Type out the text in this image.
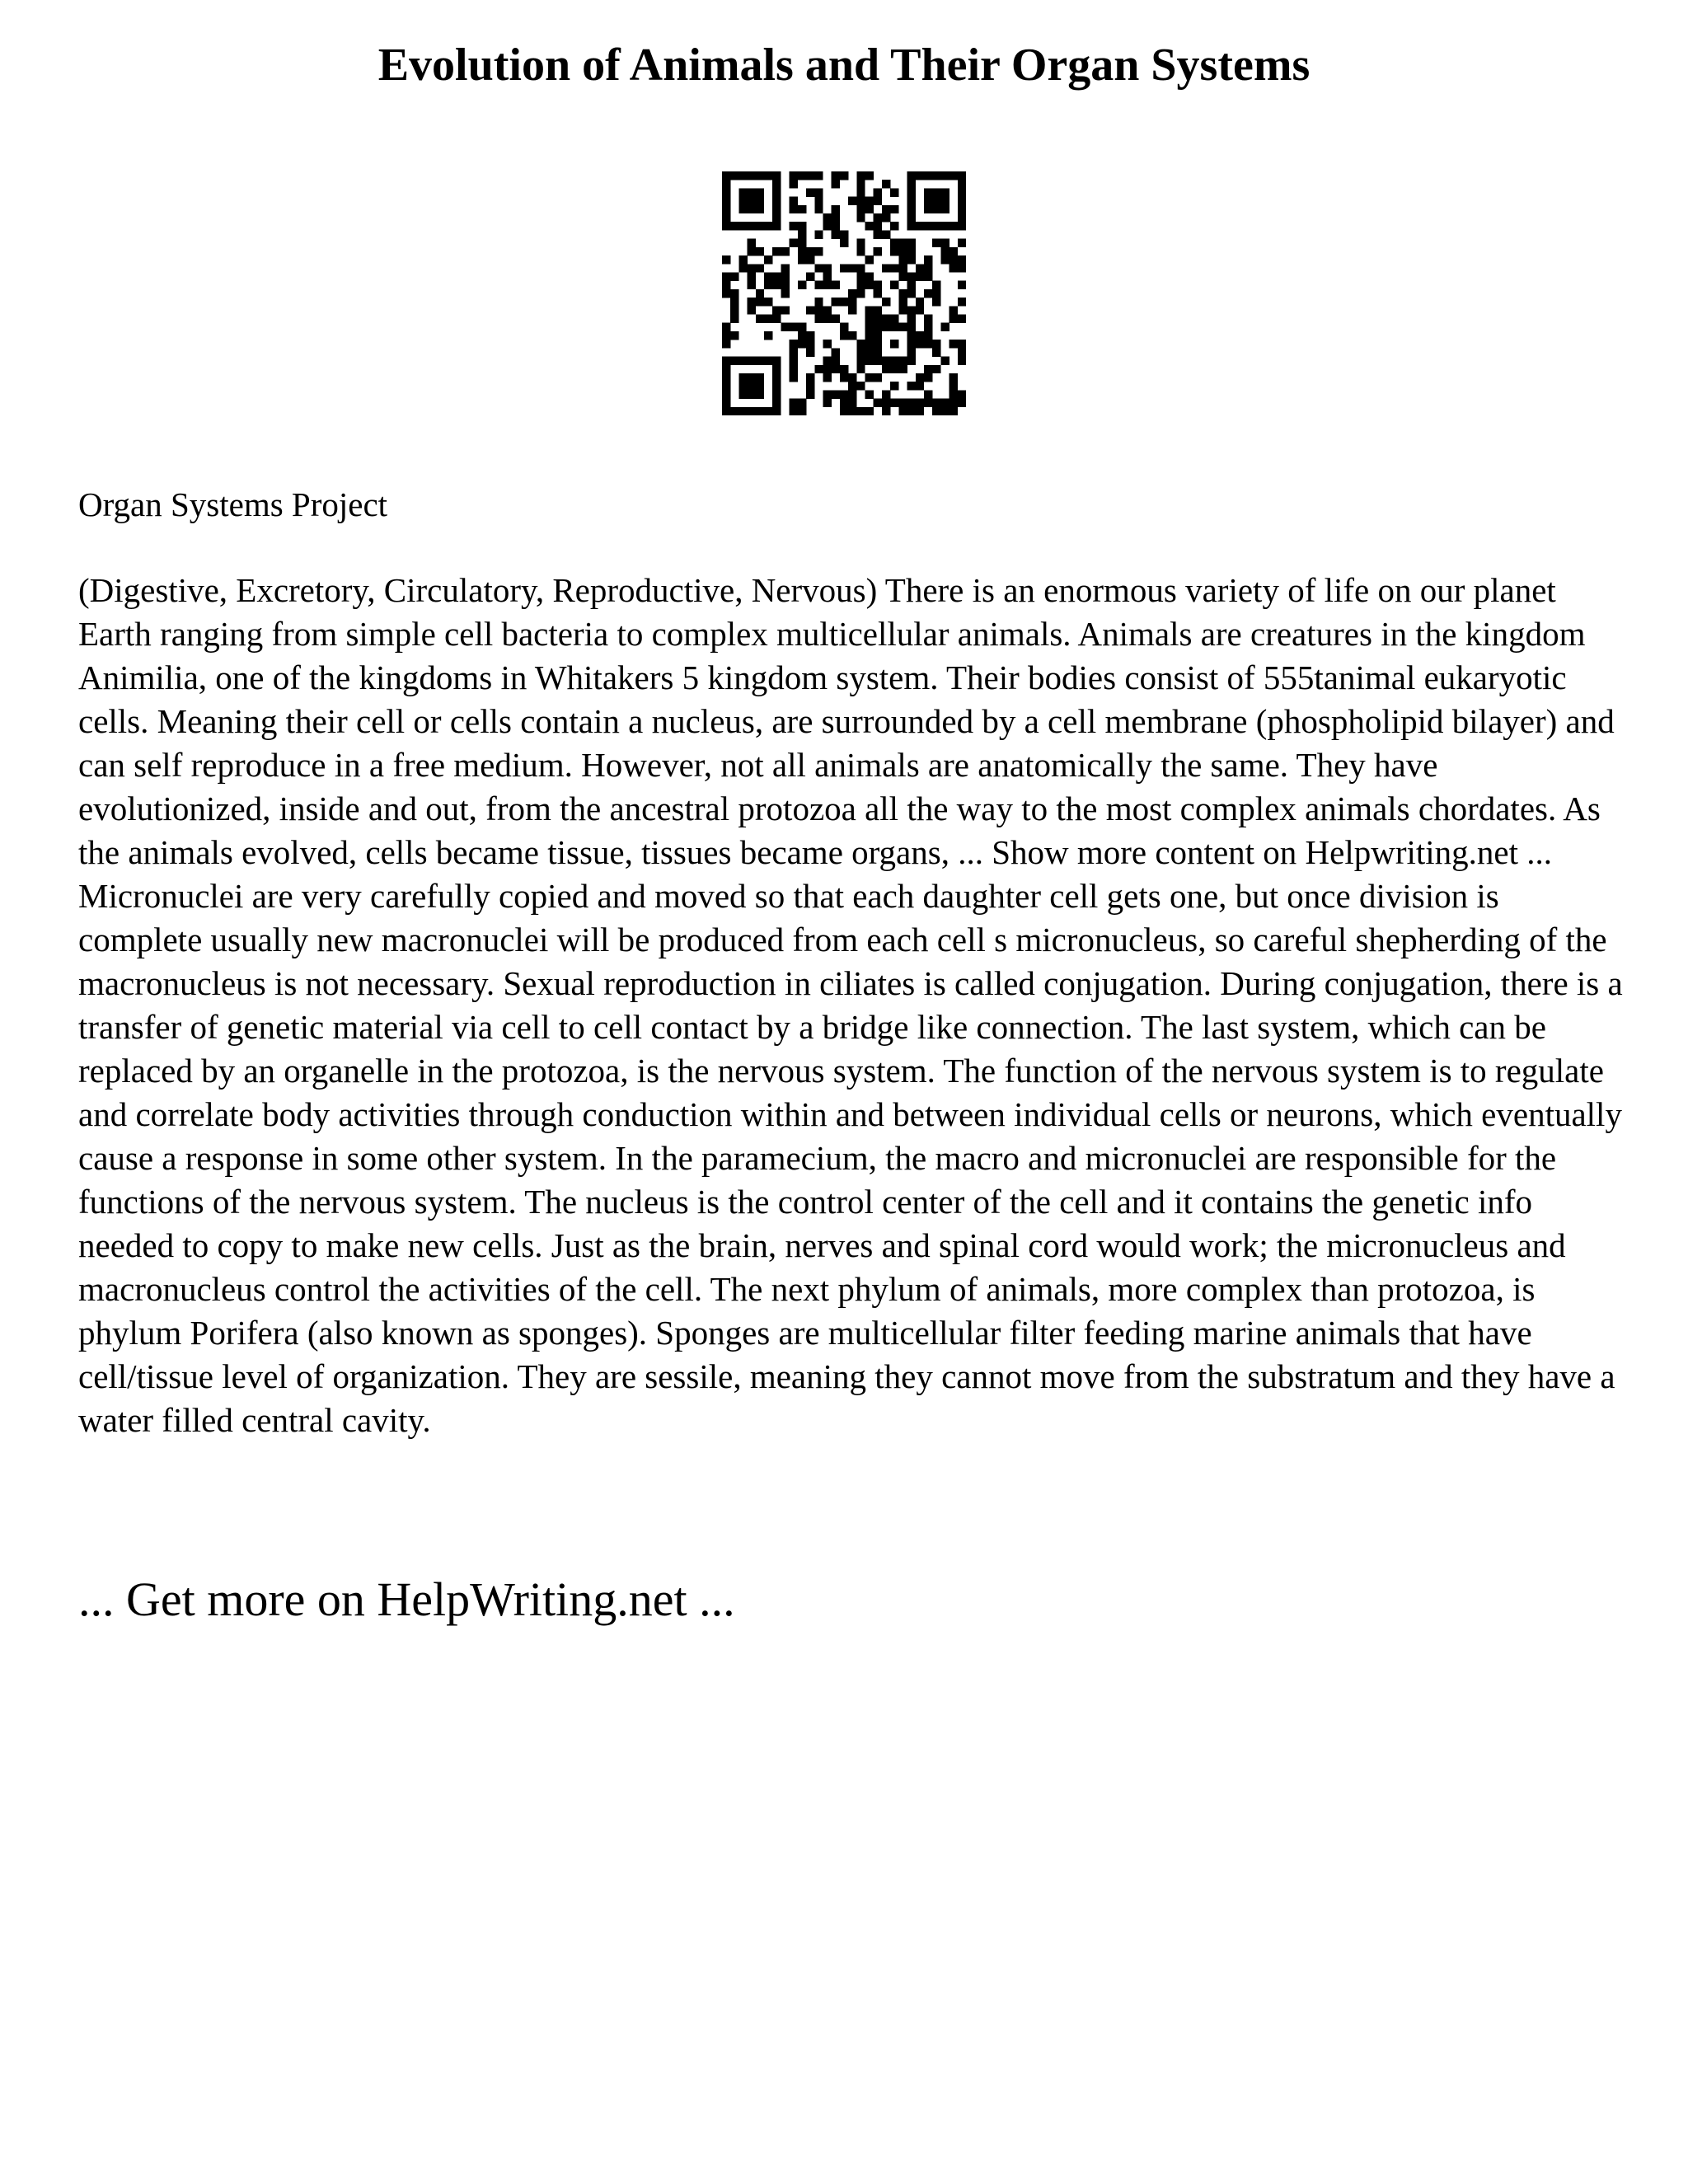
Evolution of Animals and Their Organ Systems
Organ Systems Project

(Digestive, Excretory, Circulatory, Reproductive, Nervous) There is an enormous variety of life on our planet Earth ranging from simple cell bacteria to complex multicellular animals. Animals are creatures in the kingdom Animilia, one of the kingdoms in Whitakers 5 kingdom system. Their bodies consist of 555tanimal eukaryotic cells. Meaning their cell or cells contain a nucleus, are surrounded by a cell membrane (phospholipid bilayer) and can self reproduce in a free medium. However, not all animals are anatomically the same. They have evolutionized, inside and out, from the ancestral protozoa all the way to the most complex animals chordates. As the animals evolved, cells became tissue, tissues became organs, ... Show more content on Helpwriting.net ...

Micronuclei are very carefully copied and moved so that each daughter cell gets one, but once division is complete usually new macronuclei will be produced from each cell s micronucleus, so careful shepherding of the macronucleus is not necessary. Sexual reproduction in ciliates is called conjugation. During conjugation, there is a transfer of genetic material via cell to cell contact by a bridge like connection. The last system, which can be replaced by an organelle in the protozoa, is the nervous system. The function of the nervous system is to regulate and correlate body activities through conduction within and between individual cells or neurons, which eventually cause a response in some other system. In the paramecium, the macro and micronuclei are responsible for the functions of the nervous system. The nucleus is the control center of the cell and it contains the genetic info needed to copy to make new cells. Just as the brain, nerves and spinal cord would work; the micronucleus and macronucleus control the activities of the cell. The next phylum of animals, more complex than protozoa, is phylum Porifera (also known as sponges). Sponges are multicellular filter feeding marine animals that have cell/tissue level of organization. They are sessile, meaning they cannot move from the substratum and they have a water filled central cavity.

... Get more on HelpWriting.net ...
